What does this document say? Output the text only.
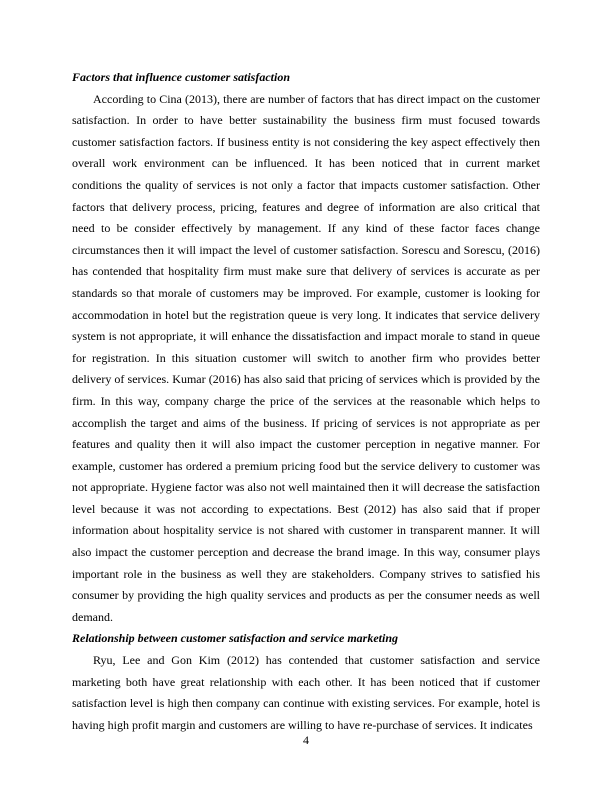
Factors that influence customer satisfaction

According to Cina (2013), there are number of factors that has direct impact on the customer satisfaction. In order to have better sustainability the business firm must focused towards customer satisfaction factors. If business entity is not considering the key aspect effectively then overall work environment can be influenced. It has been noticed that in current market conditions the quality of services is not only a factor that impacts customer satisfaction. Other factors that delivery process, pricing, features and degree of information are also critical that need to be consider effectively by management. If any kind of these factor faces change circumstances then it will impact the level of customer satisfaction. Sorescu and Sorescu, (2016) has contended that hospitality firm must make sure that delivery of services is accurate as per standards so that morale of customers may be improved. For example, customer is looking for accommodation in hotel but the registration queue is very long. It indicates that service delivery system is not appropriate, it will enhance the dissatisfaction and impact morale to stand in queue for registration. In this situation customer will switch to another firm who provides better delivery of services. Kumar (2016) has also said that pricing of services which is provided by the firm. In this way, company charge the price of the services at the reasonable which helps to accomplish the target and aims of the business. If pricing of services is not appropriate as per features and quality then it will also impact the customer perception in negative manner. For example, customer has ordered a premium pricing food but the service delivery to customer was not appropriate. Hygiene factor was also not well maintained then it will decrease the satisfaction level because it was not according to expectations. Best (2012) has also said that if proper information about hospitality service is not shared with customer in transparent manner. It will also impact the customer perception and decrease the brand image. In this way, consumer plays important role in the business as well they are stakeholders. Company strives to satisfied his consumer by providing the high quality services and products as per the consumer needs as well demand.

Relationship between customer satisfaction and service marketing

Ryu, Lee and Gon Kim (2012) has contended that customer satisfaction and service marketing both have great relationship with each other. It has been noticed that if customer satisfaction level is high then company can continue with existing services. For example, hotel is having high profit margin and customers are willing to have re-purchase of services. It indicates

4
